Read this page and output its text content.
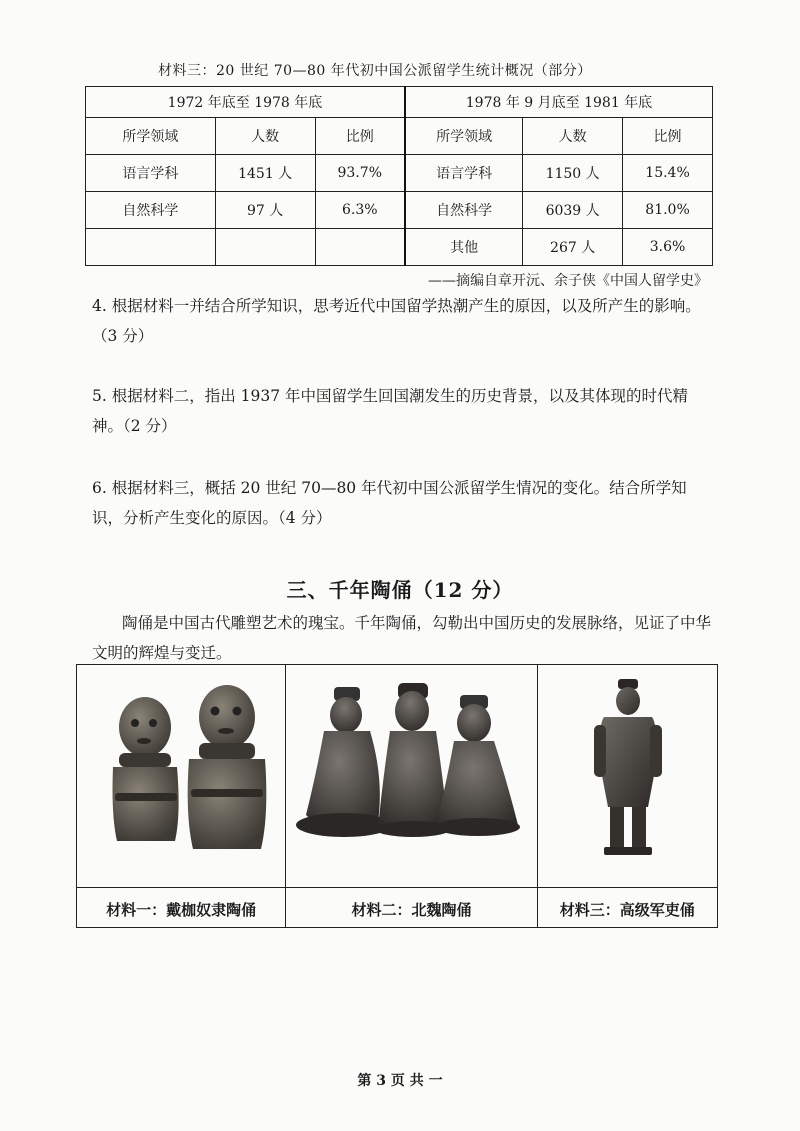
材料三：20 世纪 70—80 年代初中国公派留学生统计概况（部分）
1972 年底至 1978 年底			1978 年 9 月底至 1981 年底		
所学领域	人数	比例	所学领域	人数	比例
语言学科	1451 人	93.7%	语言学科	1150 人	15.4%
自然科学	97 人	6.3%	自然科学	6039 人	81.0%
			其他	267 人	3.6%
——摘编自章开沅、余子侠《中国人留学史》
4. 根据材料一并结合所学知识，思考近代中国留学热潮产生的原因，以及所产生的影响。（3 分）
5. 根据材料二，指出 1937 年中国留学生回国潮发生的历史背景，以及其体现的时代精神。（2 分）
6. 根据材料三，概括 20 世纪 70—80 年代初中国公派留学生情况的变化。结合所学知识，分析产生变化的原因。（4 分）
三、千年陶俑（12 分）
陶俑是中国古代雕塑艺术的瑰宝。千年陶俑，勾勒出中国历史的发展脉络，见证了中华文明的辉煌与变迁。
材料一：戴枷奴隶陶俑	材料二：北魏陶俑	材料三：高级军吏俑
第 3 页 共 一
